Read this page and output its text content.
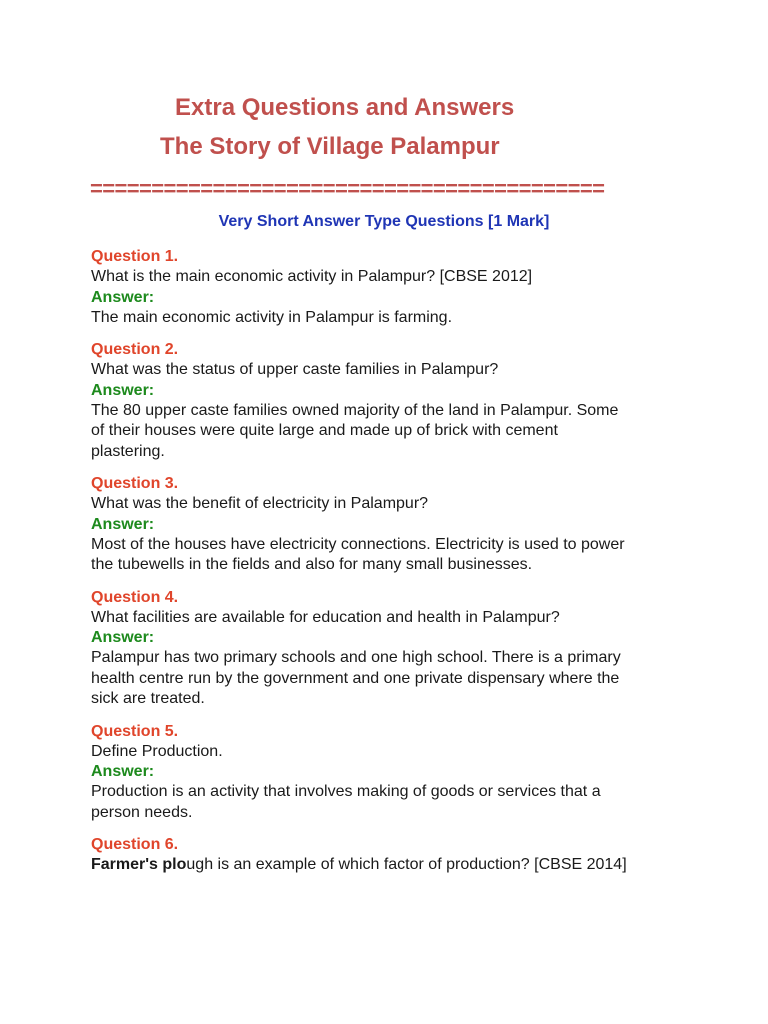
Extra Questions and Answers
The Story of Village Palampur
==========================================
Very Short Answer Type Questions [1 Mark]
Question 1.
What is the main economic activity in Palampur? [CBSE 2012]
Answer:
The main economic activity in Palampur is farming.
Question 2.
What was the status of upper caste families in Palampur?
Answer:
The 80 upper caste families owned majority of the land in Palampur. Some
of their houses were quite large and made up of brick with cement
plastering.
Question 3.
What was the benefit of electricity in Palampur?
Answer:
Most of the houses have electricity connections. Electricity is used to power
the tubewells in the fields and also for many small businesses.
Question 4.
What facilities are available for education and health in Palampur?
Answer:
Palampur has two primary schools and one high school. There is a primary
health centre run by the government and one private dispensary where the
sick are treated.
Question 5.
Define Production.
Answer:
Production is an activity that involves making of goods or services that a
person needs.
Question 6.
Farmer's plough is an example of which factor of production? [CBSE 2014]
